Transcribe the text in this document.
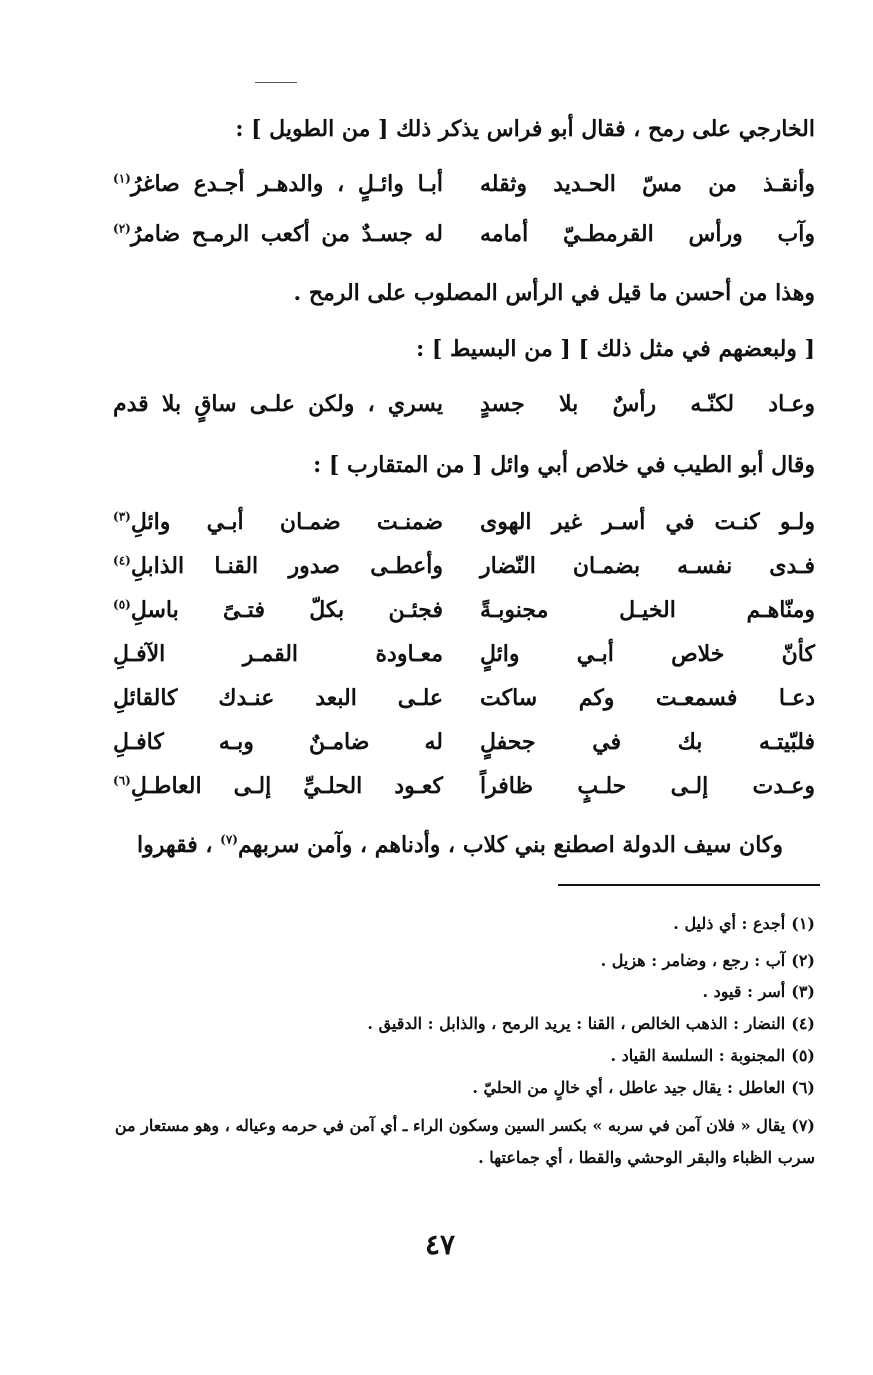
الخارجي على رمح ، فقال أبو فراس يذكر ذلك [ من الطويل ] :
وأنقـذ من مسّ الحـديد وثقله
أبـا وائـلٍ ، والدهـر أجـدع صاغرُ$^{(١)}$
وآب ورأس القرمطـيّ أمامه
له جسـدٌ من أكعب الرمـح ضامرُ$^{(٢)}$
وهذا من أحسن ما قيل في الرأس المصلوب على الرمح .
[ ولبعضهم في مثل ذلك ] [ من البسيط ] :
وعـاد لكنّـه رأسٌ بلا جسدٍ
يسري ، ولكن علـى ساقٍ بلا قدم
وقال أبو الطيب في خلاص أبي وائل [ من المتقارب ] :
ولـو كنـت في أسـر غير الهوى
ضمنـت ضمـان أبـي وائلِ$^{(٣)}$
فـدى نفسـه بضمـان النّضار
وأعطـى صدور القنـا الذابلِ$^{(٤)}$
ومنّاهـم الخيـل مجنوبـةً
فجئـن بكلّ فتـىً باسلِ$^{(٥)}$
كأنّ خلاص أبـي وائلٍ
معـاودة القمـر الآفـلِ
دعـا فسمعـت وكم ساكت
علـى البعد عنـدك كالقائلِ
فلبّيتـه بك في جحفلٍ
له ضامـنٌ وبـه كافـلِ
وعـدت إلـى حلـبٍ ظافراً
كعـود الحلـيِّ إلـى العاطـلِ$^{(٦)}$
وكان سيف الدولة اصطنع بني كلاب ، وأدناهم ، وآمن سربهم$^{(٧)}$ ، فقهروا
(١)أجدع : أي ذليل .
(٢)آب : رجع ، وضامر : هزيل .
(٣)أسر : قيود .
(٤)النضار : الذهب الخالص ، القنا : يريد الرمح ، والذابل : الدقيق .
(٥)المجنوبة : السلسة القياد .
(٦)العاطل : يقال جيد عاطل ، أي خالٍ من الحليّ .
(٧)يقال « فلان آمن في سربه » بكسر السين وسكون الراء ـ أي آمن في حرمه وعياله ، وهو مستعار من سرب الظباء والبقر الوحشي والقطا ، أي جماعتها .
٤٧
